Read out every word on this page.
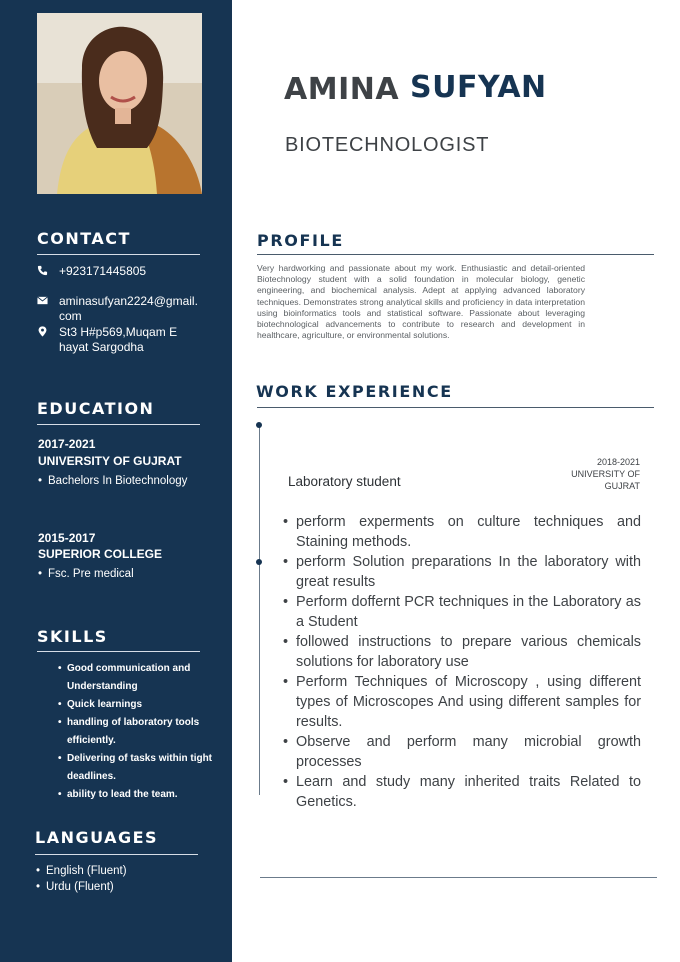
CONTACT
+923171445805
aminasufyan2224@gmail.com
St3 H#p569,Muqam E hayat Sargodha
EDUCATION
2017-2021
UNIVERSITY OF GUJRAT
• Bachelors In Biotechnology
2015-2017
SUPERIOR COLLEGE
• Fsc. Pre medical
SKILLS
• Good communication and Understanding
• Quick learnings
• handling of laboratory tools efficiently.
• Delivering of tasks within tight deadlines.
• ability to lead the team.
LANGUAGES
• English (Fluent)
• Urdu (Fluent)
AMINA SUFYAN
BIOTECHNOLOGIST
PROFILE

Very hardworking and passionate about my work. Enthusiastic and detail-oriented Biotechnology student with a solid foundation in molecular biology, genetic engineering, and biochemical analysis. Adept at applying advanced laboratory techniques. Demonstrates strong analytical skills and proficiency in data interpretation using bioinformatics tools and statistical software. Passionate about leveraging biotechnological advancements to contribute to research and development in healthcare, agriculture, or environmental solutions.

WORK EXPERIENCE
Laboratory student
2018-2021
UNIVERSITY OF GUJRAT
• perform experments on culture techniques and Staining methods.
• perform Solution preparations In the laboratory with great results
• Perform doffernt PCR techniques in the Laboratory as a Student
• followed instructions to prepare various chemicals solutions for laboratory use
• Perform Techniques of Microscopy , using different types of Microscopes And using different samples for results.
• Observe and perform many microbial growth processes
• Learn and study many inherited traits Related to Genetics.
